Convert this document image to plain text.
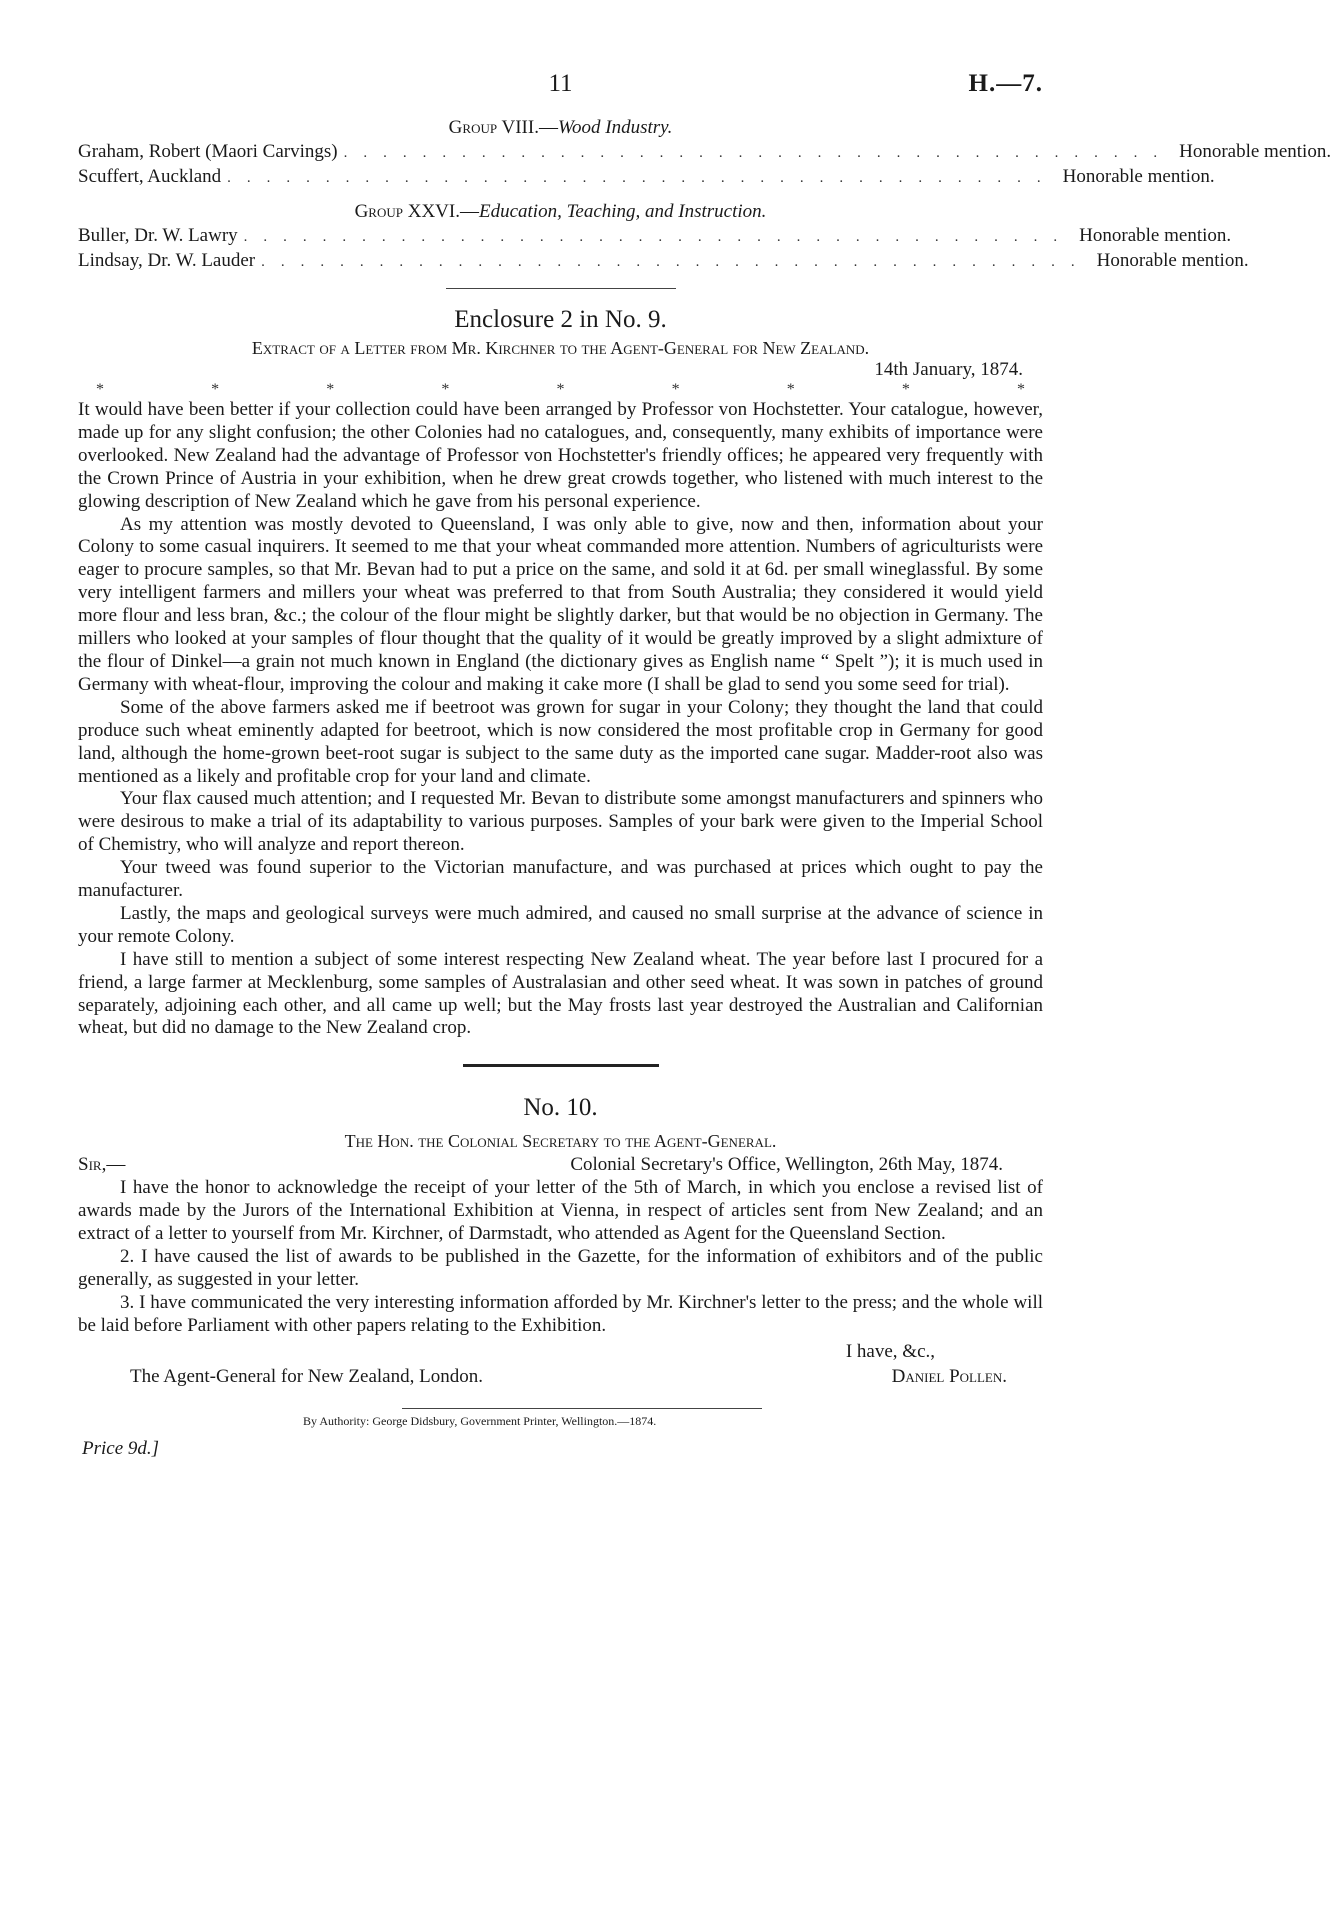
11	H.—7.
Group VIII.—Wood Industry.
Graham, Robert (Maori Carvings) .......................................... Honorable mention.
Scuffert, Auckland .......................................... Honorable mention.
Group XXVI.—Education, Teaching, and Instruction.
Buller, Dr. W. Lawry .......................................... Honorable mention.
Lindsay, Dr. W. Lauder .......................................... Honorable mention.
Enclosure 2 in No. 9.
Extract of a Letter from Mr. Kirchner to the Agent-General for New Zealand.
14th January, 1874.
*	*	*	*	*	*	*	*	*

It would have been better if your collection could have been arranged by Professor von Hochstetter. Your catalogue, however, made up for any slight confusion; the other Colonies had no catalogues, and, consequently, many exhibits of importance were overlooked. New Zealand had the advantage of Professor von Hochstetter's friendly offices; he appeared very frequently with the Crown Prince of Austria in your exhibition, when he drew great crowds together, who listened with much interest to the glowing description of New Zealand which he gave from his personal experience.

As my attention was mostly devoted to Queensland, I was only able to give, now and then, information about your Colony to some casual inquirers. It seemed to me that your wheat commanded more attention. Numbers of agriculturists were eager to procure samples, so that Mr. Bevan had to put a price on the same, and sold it at 6d. per small wineglassful. By some very intelligent farmers and millers your wheat was preferred to that from South Australia; they considered it would yield more flour and less bran, &c.; the colour of the flour might be slightly darker, but that would be no objection in Germany. The millers who looked at your samples of flour thought that the quality of it would be greatly improved by a slight admixture of the flour of Dinkel—a grain not much known in England (the dictionary gives as English name “ Spelt ”); it is much used in Germany with wheat-flour, improving the colour and making it cake more (I shall be glad to send you some seed for trial).

Some of the above farmers asked me if beetroot was grown for sugar in your Colony; they thought the land that could produce such wheat eminently adapted for beetroot, which is now considered the most profitable crop in Germany for good land, although the home-grown beet-root sugar is subject to the same duty as the imported cane sugar. Madder-root also was mentioned as a likely and profitable crop for your land and climate.

Your flax caused much attention; and I requested Mr. Bevan to distribute some amongst manufacturers and spinners who were desirous to make a trial of its adaptability to various purposes. Samples of your bark were given to the Imperial School of Chemistry, who will analyze and report thereon.

Your tweed was found superior to the Victorian manufacture, and was purchased at prices which ought to pay the manufacturer.

Lastly, the maps and geological surveys were much admired, and caused no small surprise at the advance of science in your remote Colony.

I have still to mention a subject of some interest respecting New Zealand wheat. The year before last I procured for a friend, a large farmer at Mecklenburg, some samples of Australasian and other seed wheat. It was sown in patches of ground separately, adjoining each other, and all came up well; but the May frosts last year destroyed the Australian and Californian wheat, but did no damage to the New Zealand crop.

No. 10.
The Hon. the Colonial Secretary to the Agent-General.
Sir,—	Colonial Secretary's Office, Wellington, 26th May, 1874.

I have the honor to acknowledge the receipt of your letter of the 5th of March, in which you enclose a revised list of awards made by the Jurors of the International Exhibition at Vienna, in respect of articles sent from New Zealand; and an extract of a letter to yourself from Mr. Kirchner, of Darmstadt, who attended as Agent for the Queensland Section.

2. I have caused the list of awards to be published in the Gazette, for the information of exhibitors and of the public generally, as suggested in your letter.

3. I have communicated the very interesting information afforded by Mr. Kirchner's letter to the press; and the whole will be laid before Parliament with other papers relating to the Exhibition.

I have, &c.,
The Agent-General for New Zealand, London.	Daniel Pollen.
By Authority: George Didsbury, Government Printer, Wellington.—1874.
Price 9d.]
